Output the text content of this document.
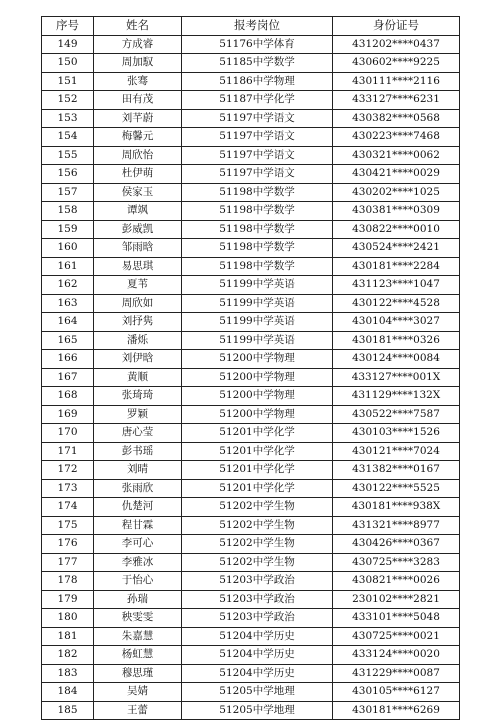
序号	姓名	报考岗位	身份证号
149	方成睿	51176中学体育	431202****0437
150	周加馭	51185中学数学	430602****9225
151	张骞	51186中学物理	430111****2116
152	田有茂	51187中学化学	433127****6231
153	刘芊蔚	51197中学语文	430382****0568
154	梅馨元	51197中学语文	430223****7468
155	周欣怡	51197中学语文	430321****0062
156	杜伊萌	51197中学语文	430421****0029
157	侯家玉	51198中学数学	430202****1025
158	谭飒	51198中学数学	430381****0309
159	彭威凯	51198中学数学	430822****0010
160	邹雨晗	51198中学数学	430524****2421
161	易思琪	51198中学数学	430181****2284
162	夏苇	51199中学英语	431123****1047
163	周欣如	51199中学英语	430122****4528
164	刘抒隽	51199中学英语	430104****3027
165	潘烁	51199中学英语	430181****0326
166	刘伊晗	51200中学物理	430124****0084
167	黄顺	51200中学物理	433127****001X
168	张琦琦	51200中学物理	431129****132X
169	罗颖	51200中学物理	430522****7587
170	唐心莹	51201中学化学	430103****1526
171	彭书瑶	51201中学化学	430121****7024
172	刘晴	51201中学化学	431382****0167
173	张雨欣	51201中学化学	430122****5525
174	仇楚河	51202中学生物	430181****938X
175	程甘霖	51202中学生物	431321****8977
176	李可心	51202中学生物	430426****0367
177	李雅冰	51202中学生物	430725****3283
178	于怡心	51203中学政治	430821****0026
179	孙瑞	51203中学政治	230102****2821
180	秧雯雯	51203中学政治	433101****5048
181	朱嘉慧	51204中学历史	430725****0021
182	杨虹慧	51204中学历史	433124****0020
183	穆思瑾	51204中学历史	431229****0087
184	吴婧	51205中学地理	430105****6127
185	王蕾	51205中学地理	430181****6269
